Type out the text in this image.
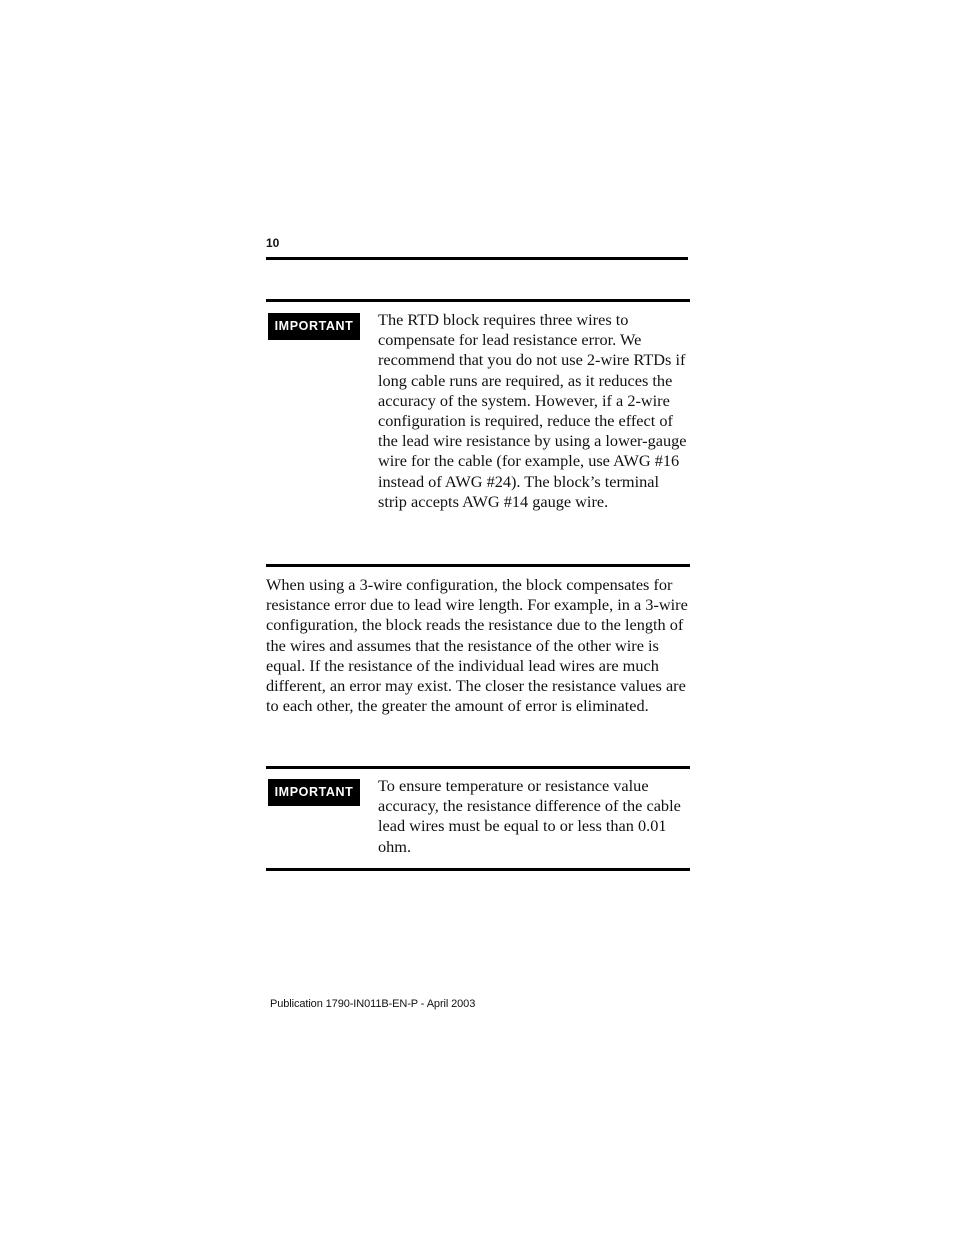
10
IMPORTANT	The RTD block requires three wires to compensate for lead resistance error. We recommend that you do not use 2-wire RTDs if long cable runs are required, as it reduces the accuracy of the system. However, if a 2-wire configuration is required, reduce the effect of the lead wire resistance by using a lower-gauge wire for the cable (for example, use AWG #16 instead of AWG #24). The block’s terminal strip accepts AWG #14 gauge wire.

When using a 3-wire configuration, the block compensates for resistance error due to lead wire length. For example, in a 3-wire configuration, the block reads the resistance due to the length of the wires and assumes that the resistance of the other wire is equal. If the resistance of the individual lead wires are much different, an error may exist. The closer the resistance values are to each other, the greater the amount of error is eliminated.

IMPORTANT	To ensure temperature or resistance value accuracy, the resistance difference of the cable lead wires must be equal to or less than 0.01 ohm.

Publication 1790-IN011B-EN-P - April 2003
